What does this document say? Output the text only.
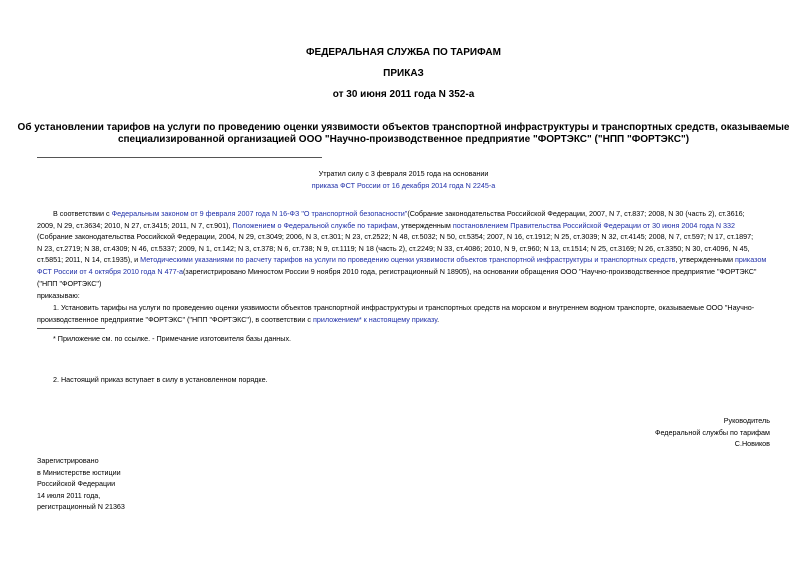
ФЕДЕРАЛЬНАЯ СЛУЖБА ПО ТАРИФАМ
ПРИКАЗ
от 30 июня 2011 года N 352-а
Об установлении тарифов на услуги по проведению оценки уязвимости объектов транспортной инфраструктуры и транспортных средств, оказываемые
специализированной организацией ООО "Научно-производственное предприятие "ФОРТЭКС" ("НПП "ФОРТЭКС")
Утратил силу с 3 февраля 2015 года на основании
приказа ФСТ России от 16 декабря 2014 года N 2245-а
В соответствии с Федеральным законом от 9 февраля 2007 года N 16-ФЗ "О транспортной безопасности"(Собрание законодательства Российской Федерации, 2007, N 7, ст.837; 2008, N 30 (часть 2), ст.3616;
2009, N 29, ст.3634; 2010, N 27, ст.3415; 2011, N 7, ст.901), Положением о Федеральной службе по тарифам, утвержденным постановлением Правительства Российской Федерации от 30 июня 2004 года N 332
(Собрание законодательства Российской Федерации, 2004, N 29, ст.3049; 2006, N 3, ст.301; N 23, ст.2522; N 48, ст.5032; N 50, ст.5354; 2007, N 16, ст.1912; N 25, ст.3039; N 32, ст.4145; 2008, N 7, ст.597; N 17, ст.1897;
N 23, ст.2719; N 38, ст.4309; N 46, ст.5337; 2009, N 1, ст.142; N 3, ст.378; N 6, ст.738; N 9, ст.1119; N 18 (часть 2), ст.2249; N 33, ст.4086; 2010, N 9, ст.960; N 13, ст.1514; N 25, ст.3169; N 26, ст.3350; N 30, ст.4096, N 45,
ст.5851; 2011, N 14, ст.1935), и Методическими указаниями по расчету тарифов на услуги по проведению оценки уязвимости объектов транспортной инфраструктуры и транспортных средств, утвержденными приказом
ФСТ России от 4 октября 2010 года N 477-а(зарегистрировано Минюстом России 9 ноября 2010 года, регистрационный N 18905), на основании обращения ООО "Научно-производственное предприятие "ФОРТЭКС"
("НПП "ФОРТЭКС")
приказываю:
1. Установить тарифы на услуги по проведению оценки уязвимости объектов транспортной инфраструктуры и транспортных средств на морском и внутреннем водном транспорте, оказываемые ООО "Научно-
производственное предприятие "ФОРТЭКС" ("НПП "ФОРТЭКС"), в соответствии с приложением* к настоящему приказу.
* Приложение см. по ссылке. - Примечание изготовителя базы данных.
2. Настоящий приказ вступает в силу в установленном порядке.
Руководитель
Федеральной службы по тарифам
С.Новиков
Зарегистрировано
в Министерстве юстиции
Российской Федерации
14 июля 2011 года,
регистрационный N 21363
